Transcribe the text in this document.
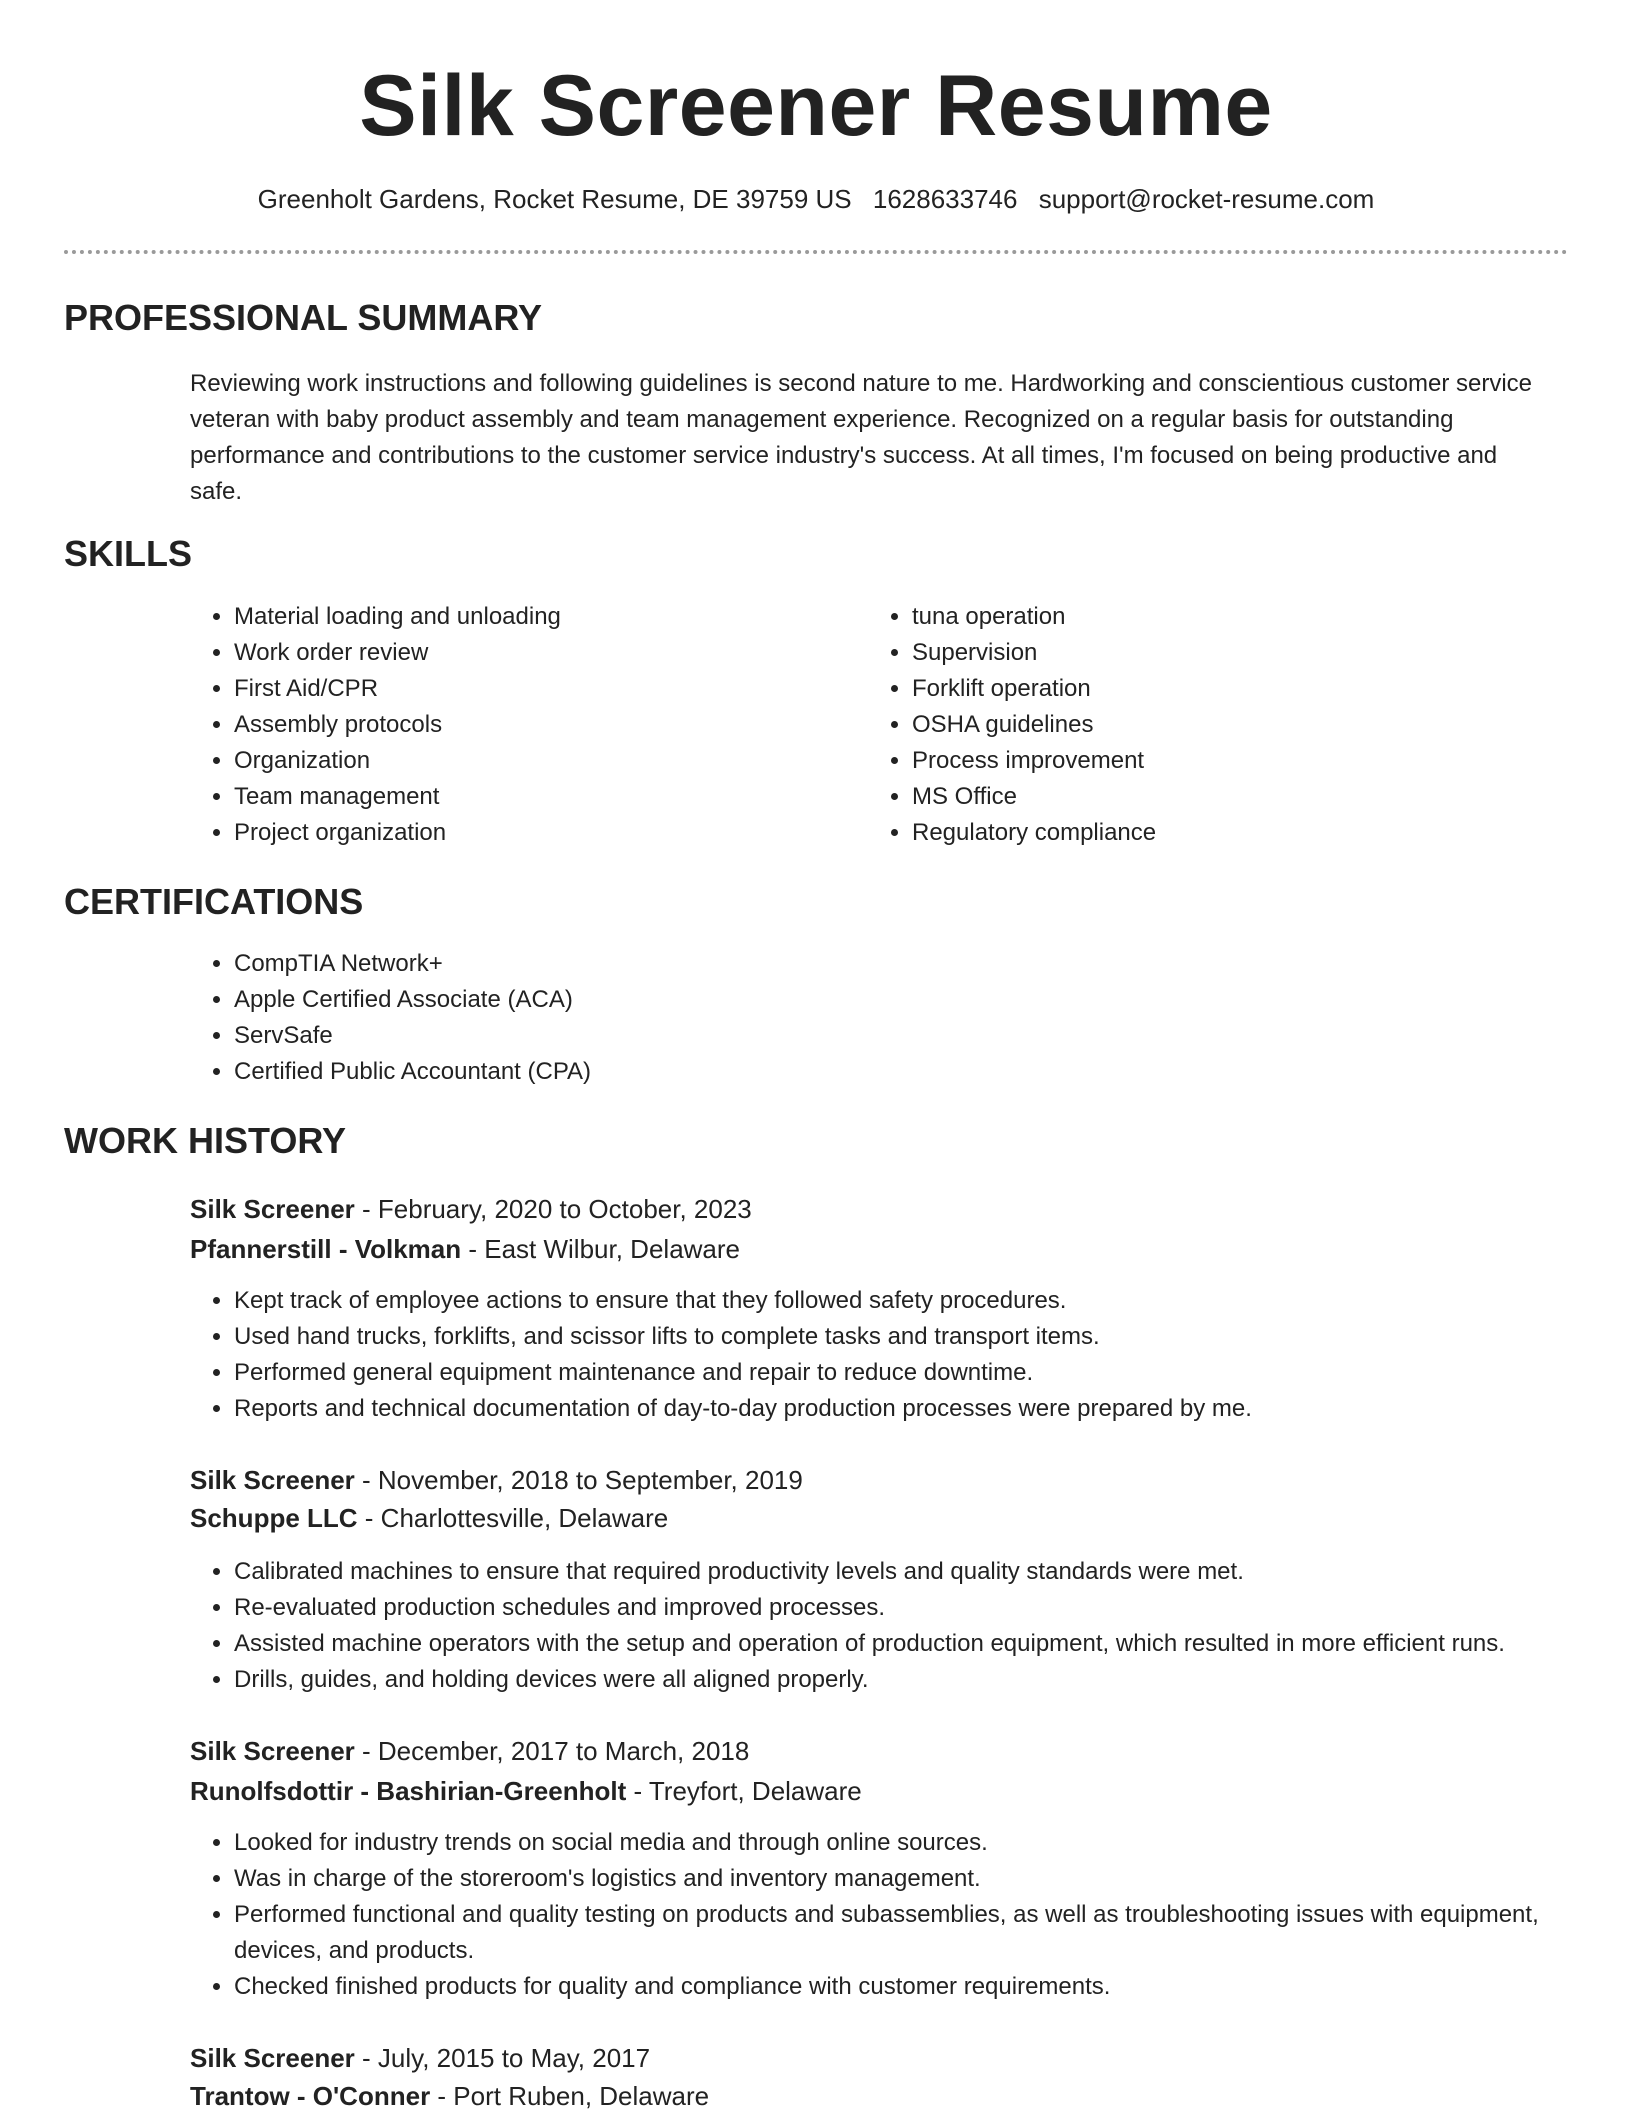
Silk Screener Resume
Greenholt Gardens, Rocket Resume, DE 39759 US 1628633746 support@rocket-resume.com
PROFESSIONAL SUMMARY

Reviewing work instructions and following guidelines is second nature to me. Hardworking and conscientious customer service veteran with baby product assembly and team management experience. Recognized on a regular basis for outstanding performance and contributions to the customer service industry's success. At all times, I'm focused on being productive and safe.

SKILLS
• Material loading and unloading
• Work order review
• First Aid/CPR
• Assembly protocols
• Organization
• Team management
• Project organization
• tuna operation
• Supervision
• Forklift operation
• OSHA guidelines
• Process improvement
• MS Office
• Regulatory compliance
CERTIFICATIONS
• CompTIA Network+
• Apple Certified Associate (ACA)
• ServSafe
• Certified Public Accountant (CPA)
WORK HISTORY
Silk Screener - February, 2020 to October, 2023
Pfannerstill - Volkman - East Wilbur, Delaware
• Kept track of employee actions to ensure that they followed safety procedures.
• Used hand trucks, forklifts, and scissor lifts to complete tasks and transport items.
• Performed general equipment maintenance and repair to reduce downtime.
• Reports and technical documentation of day-to-day production processes were prepared by me.
Silk Screener - November, 2018 to September, 2019
Schuppe LLC - Charlottesville, Delaware
• Calibrated machines to ensure that required productivity levels and quality standards were met.
• Re-evaluated production schedules and improved processes.
• Assisted machine operators with the setup and operation of production equipment, which resulted in more efficient runs.
• Drills, guides, and holding devices were all aligned properly.
Silk Screener - December, 2017 to March, 2018
Runolfsdottir - Bashirian-Greenholt - Treyfort, Delaware
• Looked for industry trends on social media and through online sources.
• Was in charge of the storeroom's logistics and inventory management.
• Performed functional and quality testing on products and subassemblies, as well as troubleshooting issues with equipment, devices, and products.
• Checked finished products for quality and compliance with customer requirements.
Silk Screener - July, 2015 to May, 2017
Trantow - O'Conner - Port Ruben, Delaware
